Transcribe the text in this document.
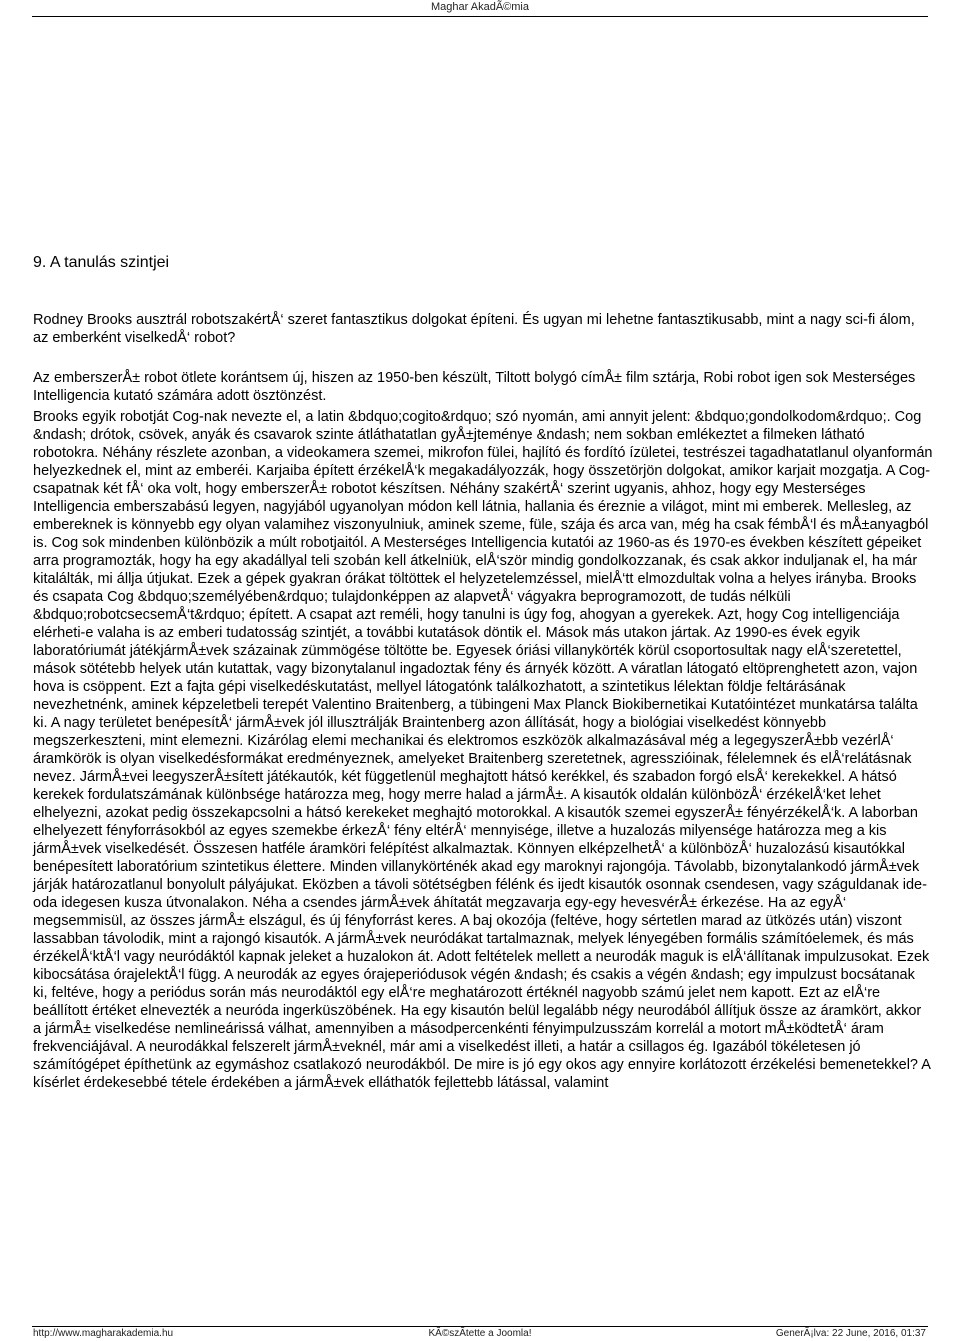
Maghar AkadÃ©mia
9. A tanulás szintjei

Rodney Brooks ausztrál robotszakértÅ‘ szeret fantasztikus dolgokat építeni. És ugyan mi lehetne fantasztikusabb, mint a nagy sci-fi álom, az emberként viselkedÅ‘ robot?

Az emberszerÅ± robot ötlete korántsem új, hiszen az 1950-ben készült, Tiltott bolygó címÅ± film sztárja, Robi robot igen sok Mesterséges Intelligencia kutató számára adott ösztönzést.

Brooks egyik robotját Cog-nak nevezte el, a latin &bdquo;cogito&rdquo; szó nyomán, ami annyit jelent: &bdquo;gondolkodom&rdquo;. Cog &ndash; drótok, csövek, anyák és csavarok szinte átláthatatlan gyÅ±jteménye &ndash; nem sokban emlékeztet a filmeken látható robotokra. Néhány részlete azonban, a videokamera szemei, mikrofon fülei, hajlító és fordító ízületei, testrészei tagadhatatlanul olyanformán helyezkednek el, mint az emberéi. Karjaiba épített érzékelÅ‘k megakadályozzák, hogy összetörjön dolgokat, amikor karjait mozgatja. A Cog-csapatnak két fÅ‘ oka volt, hogy emberszerÅ± robotot készítsen. Néhány szakértÅ‘ szerint ugyanis, ahhoz, hogy egy Mesterséges Intelligencia emberszabású legyen, nagyjából ugyanolyan módon kell látnia, hallania és éreznie a világot, mint mi emberek. Mellesleg, az embereknek is könnyebb egy olyan valamihez viszonyulniuk, aminek szeme, füle, szája és arca van, még ha csak fémbÅ‘l és mÅ±anyagból is. Cog sok mindenben különbözik a múlt robotjaitól. A Mesterséges Intelligencia kutatói az 1960-as és 1970-es években készített gépeiket arra programozták, hogy ha egy akadállyal teli szobán kell átkelniük, elÅ‘ször mindig gondolkozzanak, és csak akkor induljanak el, ha már kitalálták, mi állja útjukat. Ezek a gépek gyakran órákat töltöttek el helyzetelemzéssel, mielÅ‘tt elmozdultak volna a helyes irányba. Brooks és csapata Cog &bdquo;személyében&rdquo; tulajdonképpen az alapvetÅ‘ vágyakra beprogramozott, de tudás nélküli &bdquo;robotcsecsemÅ‘t&rdquo; épített. A csapat azt reméli, hogy tanulni is úgy fog, ahogyan a gyerekek. Azt, hogy Cog intelligenciája elérheti-e valaha is az emberi tudatosság szintjét, a további kutatások döntik el. Mások más utakon jártak. Az 1990-es évek egyik laboratóriumát játékjármÅ±vek százainak zümmögése töltötte be. Egyesek óriási villanykörték körül csoportosultak nagy elÅ‘szeretettel, mások sötétebb helyek után kutattak, vagy bizonytalanul ingadoztak fény és árnyék között. A váratlan látogató eltöprenghetett azon, vajon hova is csöppent. Ezt a fajta gépi viselkedéskutatást, mellyel látogatónk találkozhatott, a szintetikus lélektan földje feltárásának nevezhetnénk, aminek képzeletbeli terepét Valentino Braitenberg, a tübingeni Max Planck Biokibernetikai Kutatóintézet munkatársa találta ki. A nagy területet benépesítÅ‘ jármÅ±vek jól illusztrálják Braintenberg azon állítását, hogy a biológiai viselkedést könnyebb megszerkeszteni, mint elemezni. Kizárólag elemi mechanikai és elektromos eszközök alkalmazásával még a legegyszerÅ±bb vezérlÅ‘ áramkörök is olyan viselkedésformákat eredményeznek, amelyeket Braitenberg szeretetnek, agresszióinak, félelemnek és elÅ‘relátásnak nevez. JármÅ±vei leegyszerÅ±sített játékautók, két függetlenül meghajtott hátsó kerékkel, és szabadon forgó elsÅ‘ kerekekkel. A hátsó kerekek fordulatszámának különbsége határozza meg, hogy merre halad a jármÅ±. A kisautók oldalán különbözÅ‘ érzékelÅ‘ket lehet elhelyezni, azokat pedig összekapcsolni a hátsó kerekeket meghajtó motorokkal. A kisautók szemei egyszerÅ± fényérzékelÅ‘k. A laborban elhelyezett fényforrásokból az egyes szemekbe érkezÅ‘ fény eltérÅ‘ mennyisége, illetve a huzalozás milyensége határozza meg a kis jármÅ±vek viselkedését. Összesen hatféle áramköri felépítést alkalmaztak. Könnyen elképzelhetÅ‘ a különbözÅ‘ huzalozású kisautókkal benépesített laboratórium szintetikus élettere. Minden villanykörténék akad egy maroknyi rajongója. Távolabb, bizonytalankodó jármÅ±vek járják határozatlanul bonyolult pályájukat. Eközben a távoli sötétségben félénk és ijedt kisautók osonnak csendesen, vagy száguldanak ide-oda idegesen kusza útvonalakon. Néha a csendes jármÅ±vek áhítatát megzavarja egy-egy hevesvérÅ± érkezése. Ha az egyÅ‘ megsemmisül, az összes jármÅ± elszágul, és új fényforrást keres. A baj okozója (feltéve, hogy sértetlen marad az ütközés után) viszont lassabban távolodik, mint a rajongó kisautók. A jármÅ±vek neuródákat tartalmaznak, melyek lényegében formális számítóelemek, és más érzékelÅ‘ktÅ‘l vagy neuródáktól kapnak jeleket a huzalokon át. Adott feltételek mellett a neurodák maguk is elÅ‘állítanak impulzusokat. Ezek kibocsátása órajelektÅ‘l függ. A neurodák az egyes órajeperiódusok végén &ndash; és csakis a végén &ndash; egy impulzust bocsátanak ki, feltéve, hogy a periódus során más neurodáktól egy elÅ‘re meghatározott értéknél nagyobb számú jelet nem kapott. Ezt az elÅ‘re beállított értéket elnevezték a neuróda ingerküszöbének. Ha egy kisautón belül legalább négy neurodából állítjuk össze az áramkört, akkor a jármÅ± viselkedése nemlineárissá válhat, amennyiben a másodpercenkénti fényimpulzusszám korrelál a motort mÅ±ködtetÅ‘ áram frekvenciájával. A neurodákkal felszerelt jármÅ±veknél, már ami a viselkedést illeti, a határ a csillagos ég. Igazából tökéletesen jó számítógépet építhetünk az egymáshoz csatlakozó neurodákból. De mire is jó egy okos agy ennyire korlátozott érzékelési bemenetekkel? A kísérlet érdekesebbé tétele érdekében a jármÅ±vek elláthatók fejlettebb látással, valamint

http://www.magharakademia.hu	KÃ©szÃtette a Joomla!	GenerÃ¡lva: 22 June, 2016, 01:37
